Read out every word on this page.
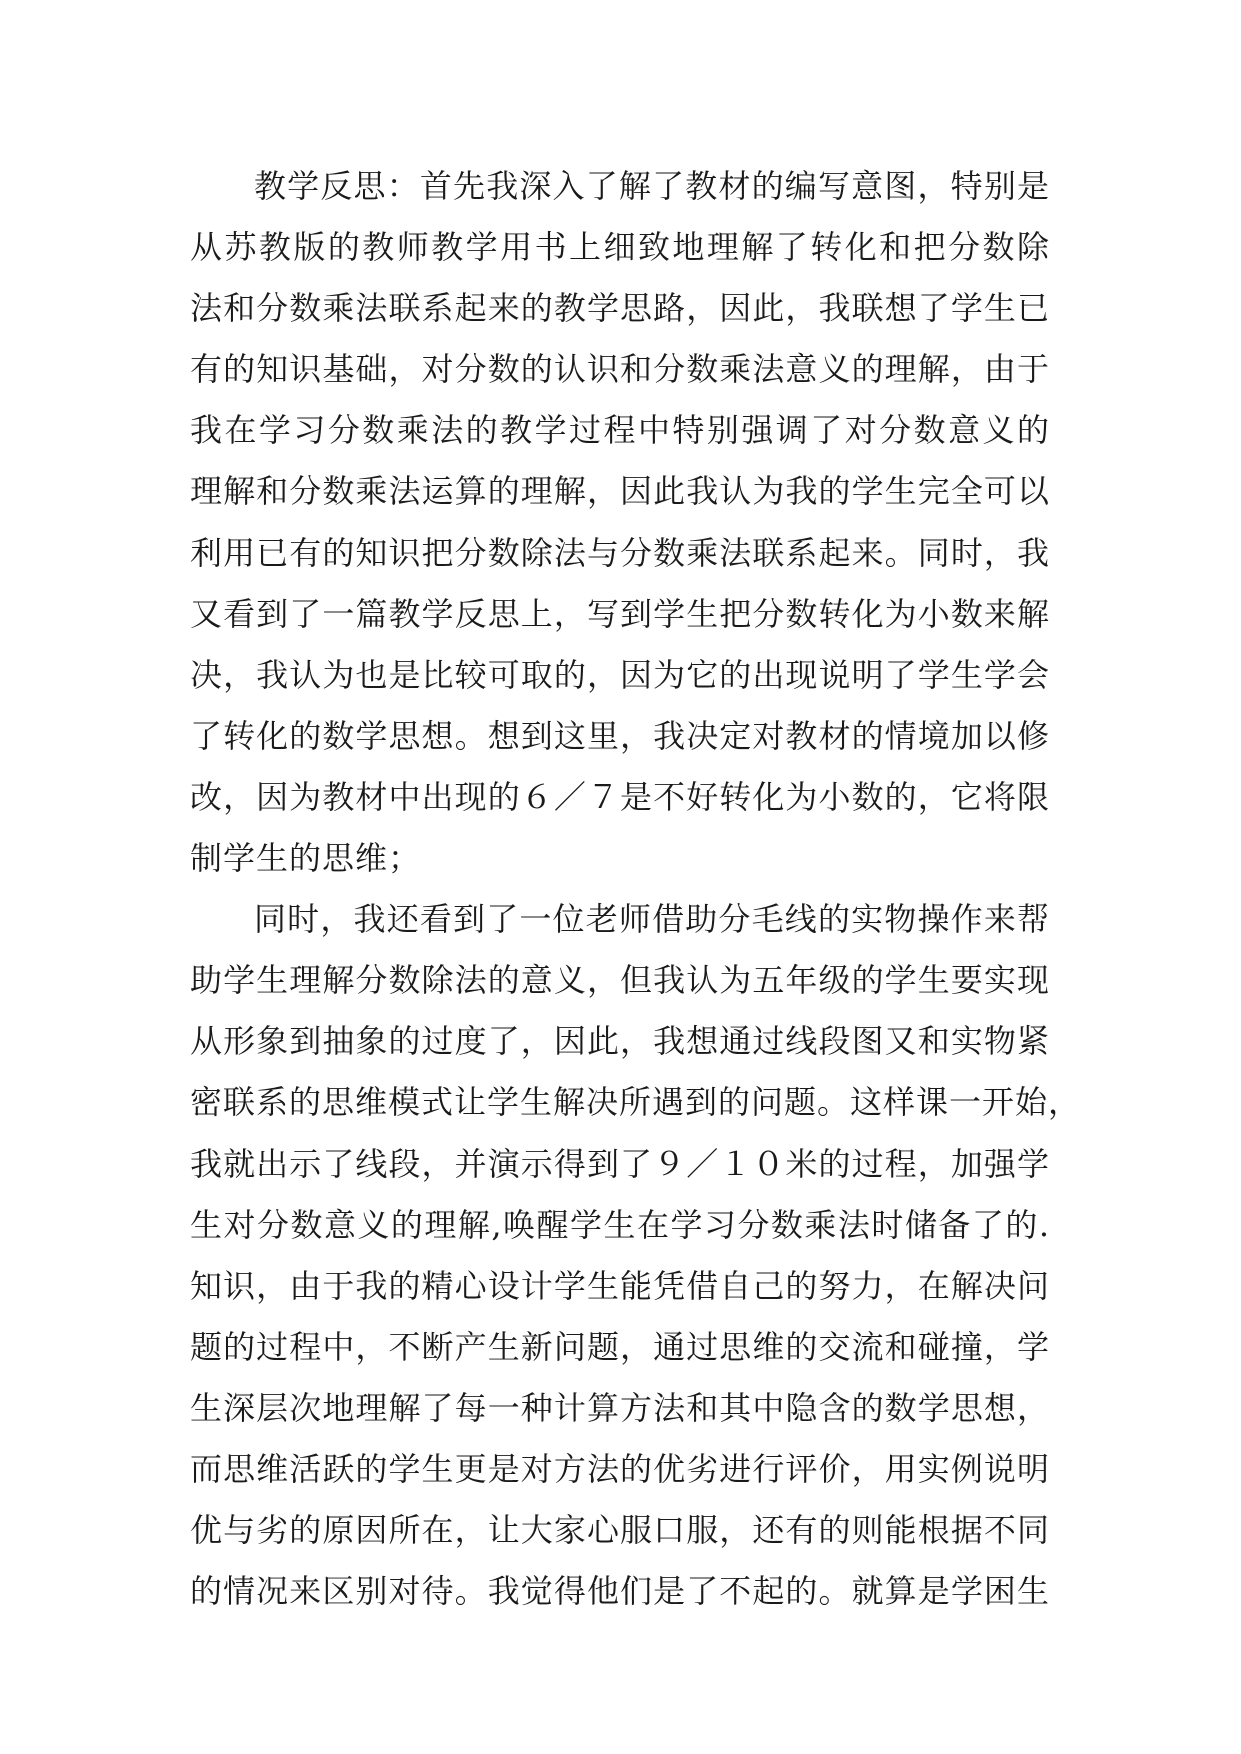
教学反思：首先我深入了解了教材的编写意图，特别是
从苏教版的教师教学用书上细致地理解了转化和把分数除
法和分数乘法联系起来的教学思路，因此，我联想了学生已
有的知识基础，对分数的认识和分数乘法意义的理解，由于
我在学习分数乘法的教学过程中特别强调了对分数意义的
理解和分数乘法运算的理解，因此我认为我的学生完全可以
利用已有的知识把分数除法与分数乘法联系起来。同时，我
又看到了一篇教学反思上，写到学生把分数转化为小数来解
决，我认为也是比较可取的，因为它的出现说明了学生学会
了转化的数学思想。想到这里，我决定对教材的情境加以修
改，因为教材中出现的６／７是不好转化为小数的，它将限
制学生的思维；
同时，我还看到了一位老师借助分毛线的实物操作来帮
助学生理解分数除法的意义，但我认为五年级的学生要实现
从形象到抽象的过度了，因此，我想通过线段图又和实物紧
密联系的思维模式让学生解决所遇到的问题。这样课一开始，
我就出示了线段，并演示得到了９／１０米的过程，加强学
生对分数意义的理解,唤醒学生在学习分数乘法时储备了的.
知识，由于我的精心设计学生能凭借自己的努力，在解决问
题的过程中，不断产生新问题，通过思维的交流和碰撞，学
生深层次地理解了每一种计算方法和其中隐含的数学思想，
而思维活跃的学生更是对方法的优劣进行评价，用实例说明
优与劣的原因所在，让大家心服口服，还有的则能根据不同
的情况来区别对待。我觉得他们是了不起的。就算是学困生
